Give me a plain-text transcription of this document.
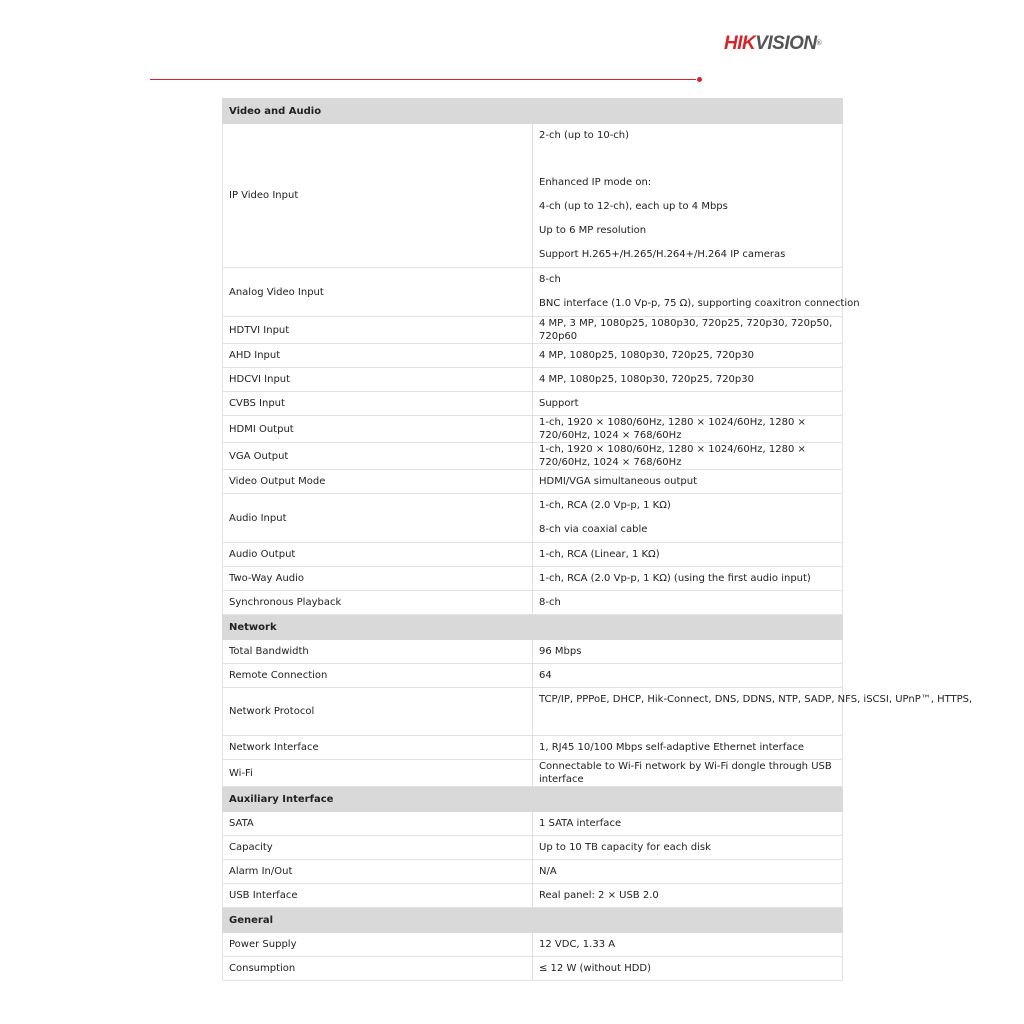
HIKVISION®
Video and Audio	
IP Video Input	2-ch (up to 10-ch)
Enhanced IP mode on:
4-ch (up to 12-ch), each up to 4 Mbps
Up to 6 MP resolution
Support H.265+/H.265/H.264+/H.264 IP cameras

Analog Video Input	8-ch
BNC interface (1.0 Vp-p, 75 Ω), supporting coaxitron connection

HDTVI Input	4 MP, 3 MP, 1080p25, 1080p30, 720p25, 720p30, 720p50, 720p60
AHD Input	4 MP, 1080p25, 1080p30, 720p25, 720p30
HDCVI Input	4 MP, 1080p25, 1080p30, 720p25, 720p30
CVBS Input	Support
HDMI Output	1-ch, 1920 × 1080/60Hz, 1280 × 1024/60Hz, 1280 × 720/60Hz, 1024 × 768/60Hz
VGA Output	1-ch, 1920 × 1080/60Hz, 1280 × 1024/60Hz, 1280 × 720/60Hz, 1024 × 768/60Hz
Video Output Mode	HDMI/VGA simultaneous output
Audio Input	1-ch, RCA (2.0 Vp-p, 1 KΩ)
8-ch via coaxial cable

Audio Output	1-ch, RCA (Linear, 1 KΩ)
Two-Way Audio	1-ch, RCA (2.0 Vp-p, 1 KΩ) (using the first audio input)
Synchronous Playback	8-ch
Network	
Total Bandwidth	96 Mbps
Remote Connection	64
Network Protocol	TCP/IP, PPPoE, DHCP, Hik-Connect, DNS, DDNS, NTP, SADP, NFS, iSCSI, UPnP™, HTTPS,

Network Interface	1, RJ45 10/100 Mbps self-adaptive Ethernet interface
Wi-Fi	Connectable to Wi-Fi network by Wi-Fi dongle through USB interface
Auxiliary Interface	
SATA	1 SATA interface
Capacity	Up to 10 TB capacity for each disk
Alarm In/Out	N/A
USB Interface	Real panel: 2 × USB 2.0
General	
Power Supply	12 VDC, 1.33 A
Consumption	≤ 12 W (without HDD)
